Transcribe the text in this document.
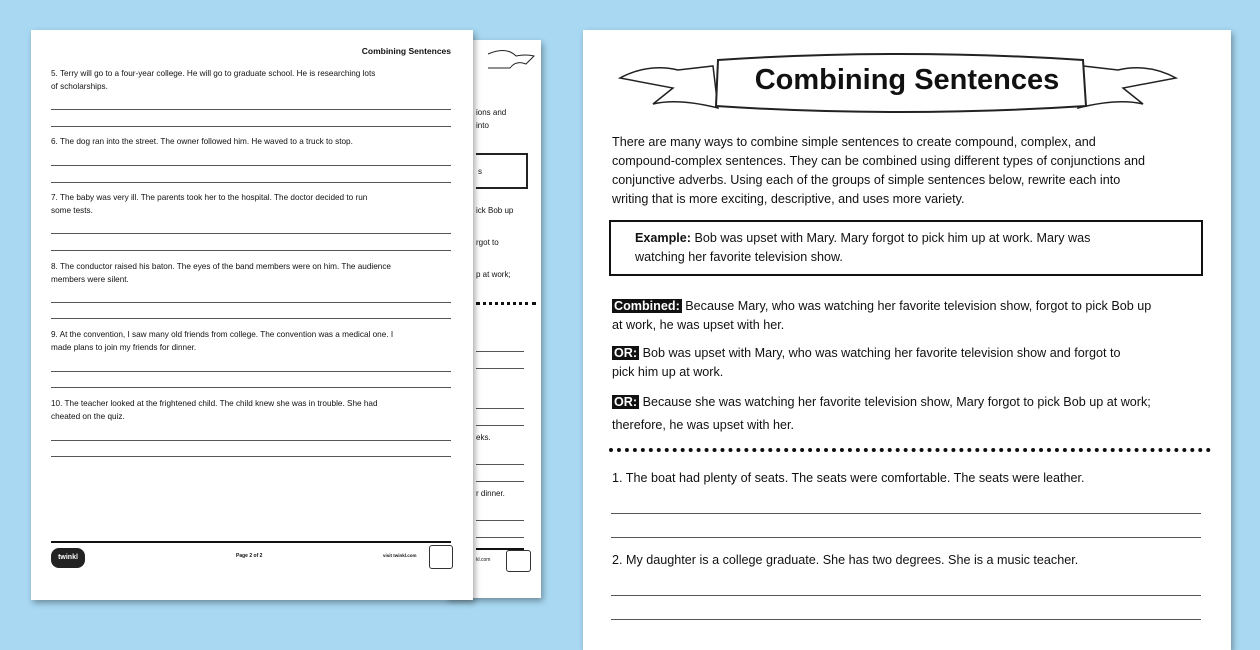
ions and
into
s
ick Bob up
rgot to
p at work;
eks.
r dinner.
kl.com
Combining Sentences
5. Terry will go to a four-year college. He will go to graduate school. He is researching lots
of scholarships.
6. The dog ran into the street. The owner followed him. He waved to a truck to stop.
7. The baby was very ill. The parents took her to the hospital. The doctor decided to run
some tests.
8. The conductor raised his baton. The eyes of the band members were on him. The audience
members were silent.
9. At the convention, I saw many old friends from college. The convention was a medical one. I
made plans to join my friends for dinner.
10. The teacher looked at the frightened child. The child knew she was in trouble. She had
cheated on the quiz.
twinkl	Page 2 of 2	visit twinkl.com
Combining Sentences
There are many ways to combine simple sentences to create compound, complex, and
compound-complex sentences. They can be combined using different types of conjunctions and
conjunctive adverbs. Using each of the groups of simple sentences below, rewrite each into
writing that is more exciting, descriptive, and uses more variety.
Example: Bob was upset with Mary. Mary forgot to pick him up at work. Mary was
watching her favorite television show.
Combined: Because Mary, who was watching her favorite television show, forgot to pick Bob up
at work, he was upset with her.
OR: Bob was upset with Mary, who was watching her favorite television show and forgot to
pick him up at work.
OR: Because she was watching her favorite television show, Mary forgot to pick Bob up at work;
therefore, he was upset with her.
1. The boat had plenty of seats. The seats were comfortable. The seats were leather.
2. My daughter is a college graduate. She has two degrees. She is a music teacher.
